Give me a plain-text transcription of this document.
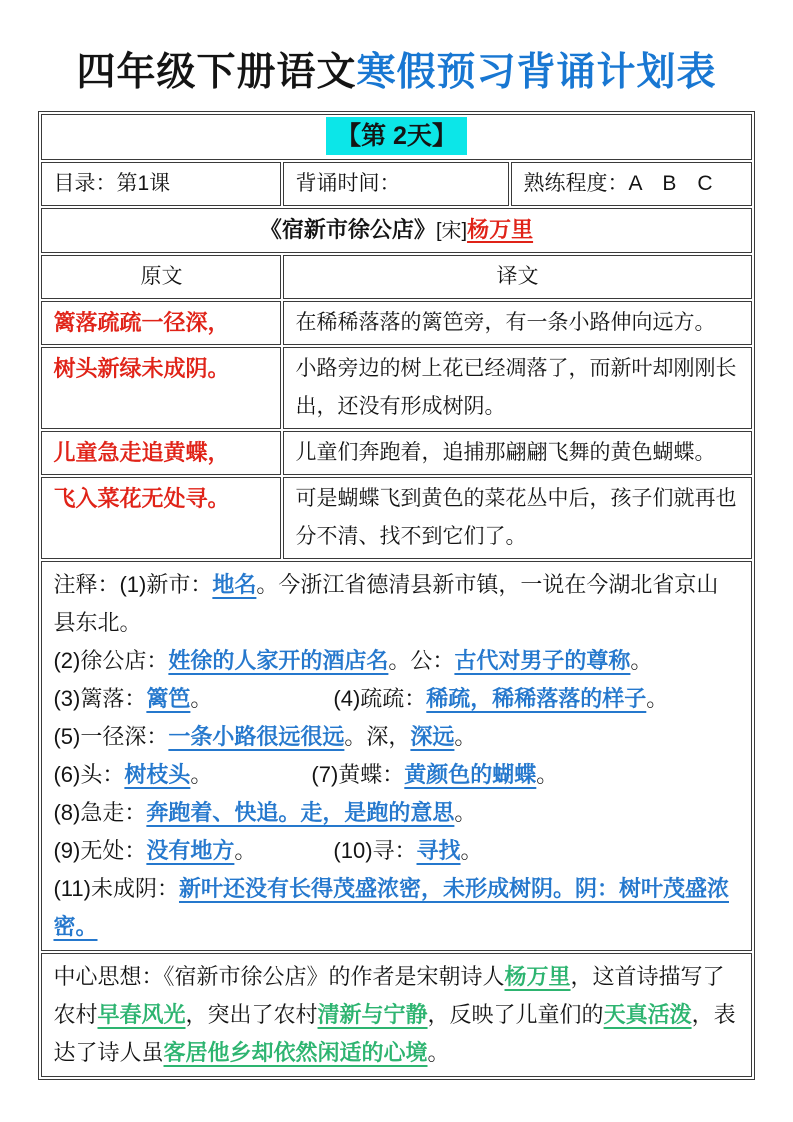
四年级下册语文寒假预习背诵计划表
【第 2天】		
目录：第1课	背诵时间：	熟练程度：A　B　C
《宿新市徐公店》[宋]杨万里		
原文	译文	
篱落疏疏一径深，	在稀稀落落的篱笆旁，有一条小路伸向远方。	
树头新绿未成阴。	小路旁边的树上花已经凋落了，而新叶却刚刚长出，还没有形成树阴。	
儿童急走追黄蝶，	儿童们奔跑着，追捕那翩翩飞舞的黄色蝴蝶。	
飞入菜花无处寻。	可是蝴蝶飞到黄色的菜花丛中后，孩子们就再也分不清、找不到它们了。	

注释：(1)新市：地名。今浙江省德清县新市镇，一说在今湖北省京山县东北。
(2)徐公店：姓徐的人家开的酒店名。公：古代对男子的尊称。
(3)篱落：篱笆。　　　　　　(4)疏疏：稀疏，稀稀落落的样子。
(5)一径深：一条小路很远很远。深，深远。
(6)头：树枝头。　　　　　(7)黄蝶：黄颜色的蝴蝶。
(8)急走：奔跑着、快追。走，是跑的意思。
(9)无处：没有地方。　　　　(10)寻：寻找。
(11)未成阴：新叶还没有长得茂盛浓密，未形成树阴。阴：树叶茂盛浓密。

中心思想：《宿新市徐公店》的作者是宋朝诗人杨万里，这首诗描写了农村早春风光，突出了农村清新与宁静，反映了儿童们的天真活泼，表达了诗人虽客居他乡却依然闲适的心境。		
